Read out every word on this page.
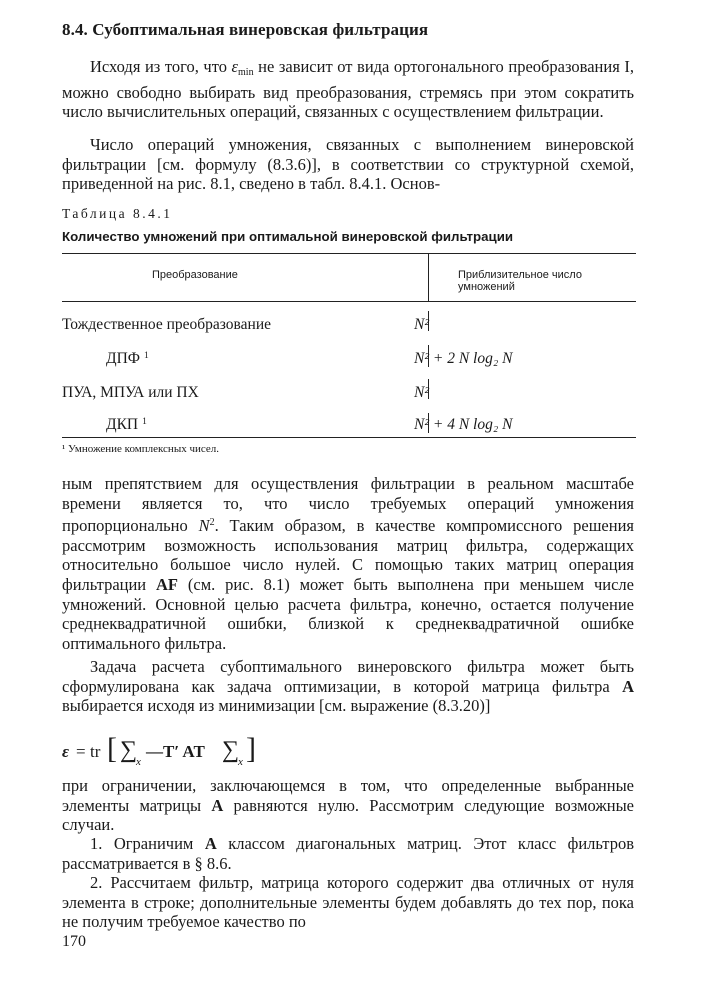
8.4. Субоптимальная винеровская фильтрация

Исходя из того, что $\varepsilon_{min}$ не зависит от вида ортогонального преобразования I, можно свободно выбирать вид преобразования, стремясь при этом сократить число вычислительных операций, связанных с осуществлением фильтрации.

Число операций умножения, связанных с выполнением винеровской фильтрации [см. формулу (8.3.6)], в соответствии со структурной схемой, приведенной на рис. 8.1, сведено в табл. 8.4.1. Основ-

Таблица 8.4.1
Количество умножений при оптимальной винеровской фильтрации
Преобразование	Приблизительное число умножений
Тождественное преобразование	N²
ДПФ $^1$	N² + 2 N log₂ N
ПУА, МПУА или ПХ	N²
ДКП $^1$	N² + 4 N log₂ N
¹ Умножение комплексных чисел.

ным препятствием для осуществления фильтрации в реальном масштабе времени является то, что число требуемых операций умножения пропорционально $N^2$. Таким образом, в качестве компромиссного решения рассмотрим возможность использования матриц фильтра, содержащих относительно большое число нулей. С помощью таких матриц операция фильтрации AF (см. рис. 8.1) может быть выполнена при меньшем числе умножений. Основной целью расчета фильтра, конечно, остается получение среднеквадратичной ошибки, близкой к среднеквадратичной ошибке оптимального фильтра.

Задача расчета субоптимального винеровского фильтра может быть сформулирована как задача оптимизации, в которой матрица фильтра A выбирается исходя из минимизации [см. выражение (8.3.20)]

ε = tr [ ∑
x
—T′ AT ∑
x ]

при ограничении, заключающемся в том, что определенные выбранные элементы матрицы A равняются нулю. Рассмотрим следующие возможные случаи.

1. Ограничим A классом диагональных матриц. Этот класс фильтров рассматривается в § 8.6.

2. Рассчитаем фильтр, матрица которого содержит два отличных от нуля элемента в строке; дополнительные элементы будем добавлять до тех пор, пока не получим требуемое качество по

170
